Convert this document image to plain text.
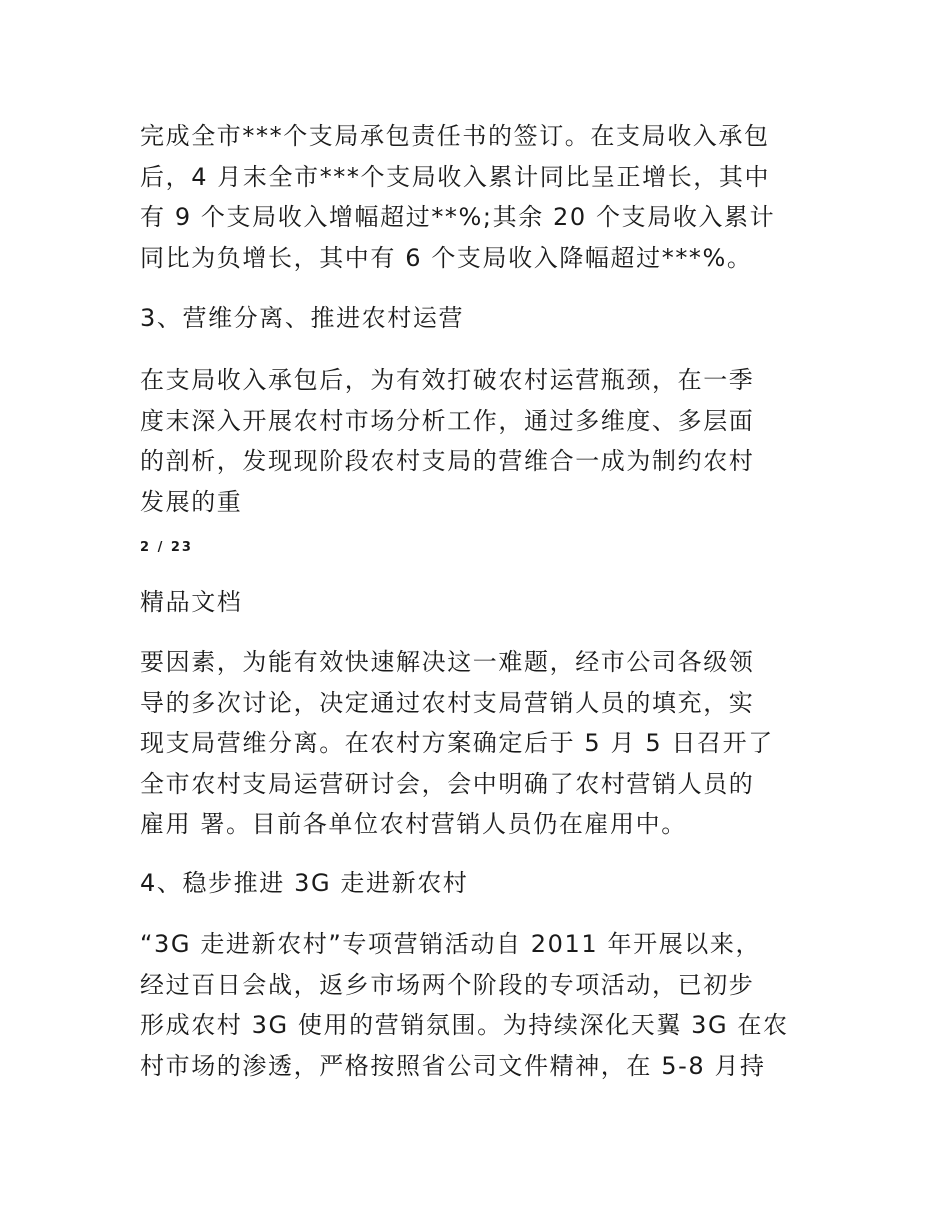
完成全市***个支局承包责任书的签订。在支局收入承包
后，4 月末全市***个支局收入累计同比呈正增长，其中
有 9 个支局收入增幅超过**%;其余 20 个支局收入累计
同比为负增长，其中有 6 个支局收入降幅超过***%。
3、营维分离、推进农村运营
在支局收入承包后，为有效打破农村运营瓶颈，在一季
度末深入开展农村市场分析工作，通过多维度、多层面
的剖析，发现现阶段农村支局的营维合一成为制约农村
发展的重
2 / 23
精品文档
要因素，为能有效快速解决这一难题，经市公司各级领
导的多次讨论，决定通过农村支局营销人员的填充，实
现支局营维分离。在农村方案确定后于 5 月 5 日召开了
全市农村支局运营研讨会，会中明确了农村营销人员的
雇用 署。目前各单位农村营销人员仍在雇用中。
4、稳步推进 3G 走进新农村
“3G 走进新农村”专项营销活动自 2011 年开展以来，
经过百日会战，返乡市场两个阶段的专项活动，已初步
形成农村 3G 使用的营销氛围。为持续深化天翼 3G 在农
村市场的渗透，严格按照省公司文件精神，在 5-8 月持
